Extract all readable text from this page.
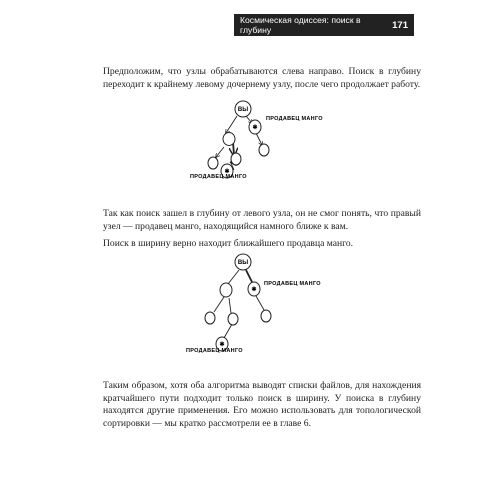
Космическая одиссея: поиск в глубину	171

Предположим, что узлы обрабатываются слева направо. Поиск в глубину переходит к крайнему левому дочернему узлу, после чего продолжает работу.

ВЫ
✱
✱
ПРОДАВЕЦ МАНГО
ПРОДАВЕЦ МАНГО

Так как поиск зашел в глубину от левого узла, он не смог понять, что правый узел — продавец манго, находящийся намного ближе к вам.

Поиск в ширину верно находит ближайшего продавца манго.

ВЫ
✱
✱
ПРОДАВЕЦ МАНГО
ПРОДАВЕЦ МАНГО

Таким образом, хотя оба алгоритма выводят списки файлов, для нахождения кратчайшего пути подходит только поиск в ширину. У поиска в глубину находятся другие применения. Его можно использовать для топологической сортировки — мы кратко рассмотрели ее в главе 6.
